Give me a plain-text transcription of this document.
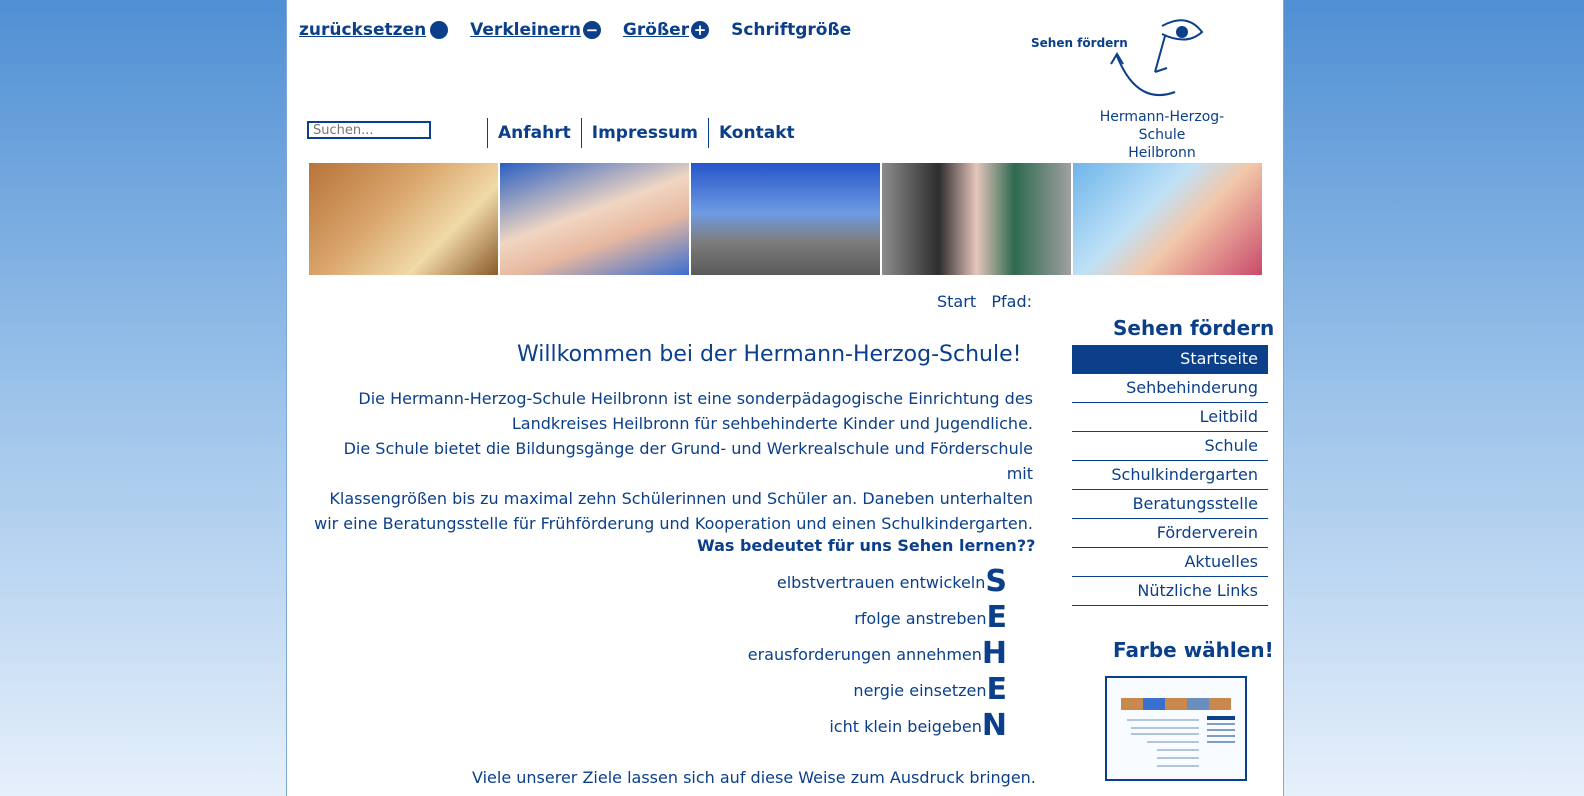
zurücksetzen	Verkleinern − Größer + Schriftgröße
Sehen fördern
Hermann-Herzog-Schule
Heilbronn
Suchen...
Anfahrt	Impressum	Kontakt
Start Pfad:
Willkommen bei der Hermann-Herzog-Schule!
Die Hermann-Herzog-Schule Heilbronn ist eine sonderpädagogische Einrichtung des
Landkreises Heilbronn für sehbehinderte Kinder und Jugendliche.
Die Schule bietet die Bildungsgänge der Grund- und Werkrealschule und Förderschule mit
Klassengrößen bis zu maximal zehn Schülerinnen und Schüler an. Daneben unterhalten
wir eine Beratungsstelle für Frühförderung und Kooperation und einen Schulkindergarten.
Was bedeutet für uns Sehen lernen??
elbstvertrauen entwickelnS
rfolge anstrebenE
erausforderungen annehmenH
nergie einsetzenE
icht klein beigebenN
Viele unserer Ziele lassen sich auf diese Weise zum Ausdruck bringen.
Sehen fördern
Startseite
Sehbehinderung
Leitbild
Schule
Schulkindergarten
Beratungsstelle
Förderverein
Aktuelles
Nützliche Links
Farbe wählen!
